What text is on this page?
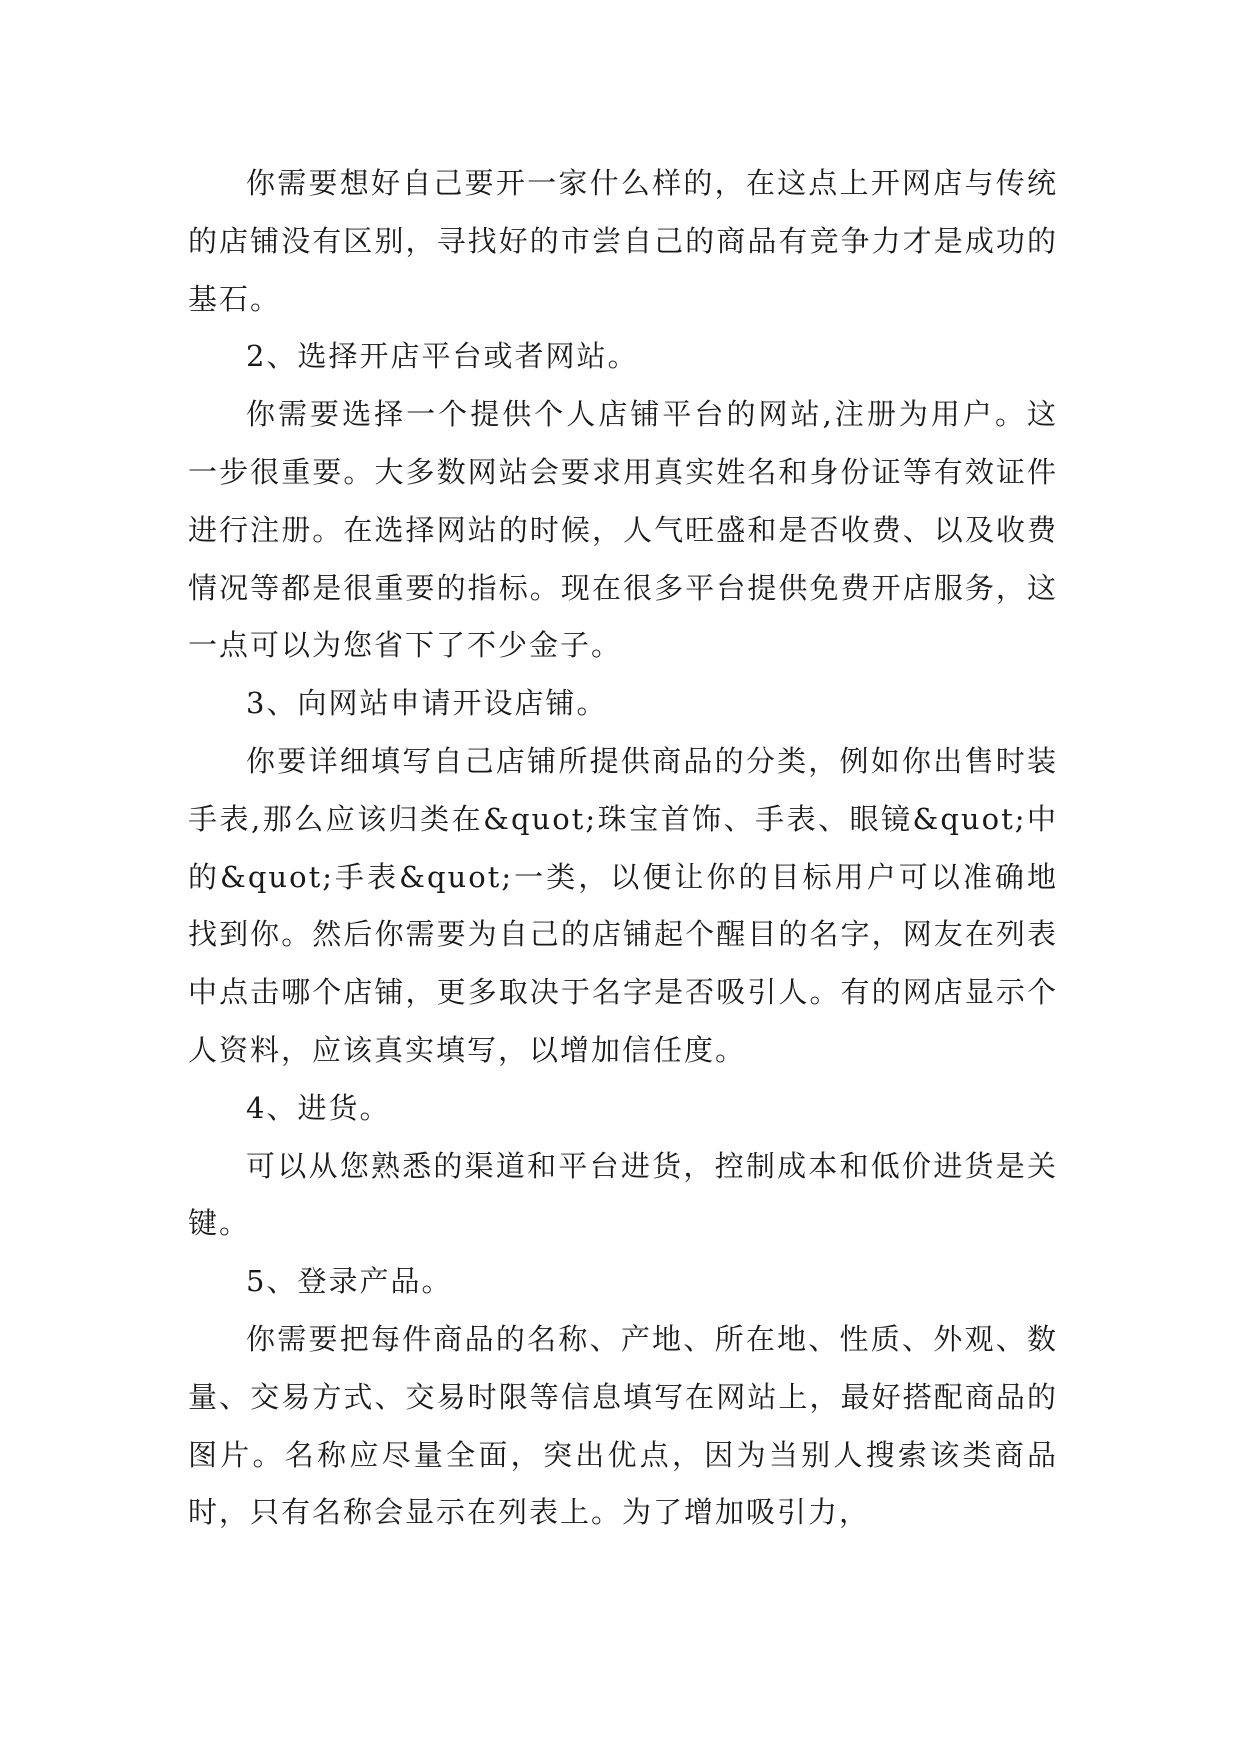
你需要想好自己要开一家什么样的，在这点上开网店与传统的店铺没有区别，寻找好的市尝自己的商品有竞争力才是成功的基石。

2、选择开店平台或者网站。

你需要选择一个提供个人店铺平台的网站,注册为用户。这一步很重要。大多数网站会要求用真实姓名和身份证等有效证件进行注册。在选择网站的时候，人气旺盛和是否收费、以及收费情况等都是很重要的指标。现在很多平台提供免费开店服务，这一点可以为您省下了不少金子。

3、向网站申请开设店铺。

你要详细填写自己店铺所提供商品的分类，例如你出售时装手表,那么应该归类在&quot;珠宝首饰、手表、眼镜&quot;中的&quot;手表&quot;一类，以便让你的目标用户可以准确地找到你。然后你需要为自己的店铺起个醒目的名字，网友在列表中点击哪个店铺，更多取决于名字是否吸引人。有的网店显示个人资料，应该真实填写，以增加信任度。

4、进货。

可以从您熟悉的渠道和平台进货，控制成本和低价进货是关键。

5、登录产品。

你需要把每件商品的名称、产地、所在地、性质、外观、数量、交易方式、交易时限等信息填写在网站上，最好搭配商品的图片。名称应尽量全面，突出优点，因为当别人搜索该类商品时，只有名称会显示在列表上。为了增加吸引力，
